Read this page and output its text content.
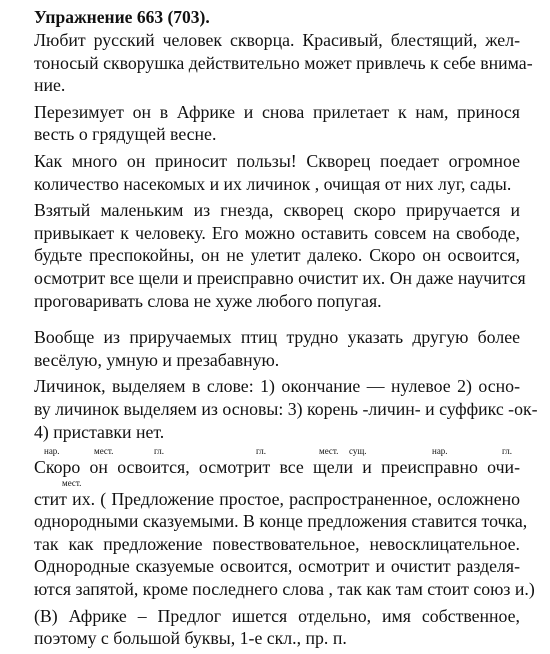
Упражнение 663 (703).
Любит русский человек скворца. Красивый, блестящий, жел-
тоносый скворушка действительно может привлечь к себе внима-
ние.
Перезимует он в Африке и снова прилетает к нам, принося
весть о грядущей весне.
Как много он приносит пользы! Скворец поедает огромное
количество насекомых и их личинок , очищая от них луг, сады.
Взятый маленьким из гнезда, скворец скоро приручается и
привыкает к человеку. Его можно оставить совсем на свободе,
будьте преспокойны, он не улетит далеко. Скоро он освоится,
осмотрит все щели и преисправно очистит их. Он даже научится
проговаривать слова не хуже любого попугая.
Вообще из приручаемых птиц трудно указать другую более
весёлую, умную и презабавную.
Личинок, выделяем в слове: 1) окончание — нулевое 2) осно-
ву личинок выделяем из основы: 3) корень -личин- и суффикс -ок-
4) приставки нет.
нар.	мест.	гл.	гл.	мест. сущ.	нар.	гл.
Скоро он освоится, осмотрит все щели и преисправно очи-
мест.
стит их. ( Предложение простое, распространенное, осложнено
однородными сказуемыми. В конце предложения ставится точка,
так как предложение повествовательное, невосклицательное.
Однородные сказуемые освоится, осмотрит и очистит разделя-
ются запятой, кроме последнего слова , так как там стоит союз и.)
(В) Африке – Предлог ишется отдельно, имя собственное,
поэтому с большой буквы, 1-е скл., пр. п.
